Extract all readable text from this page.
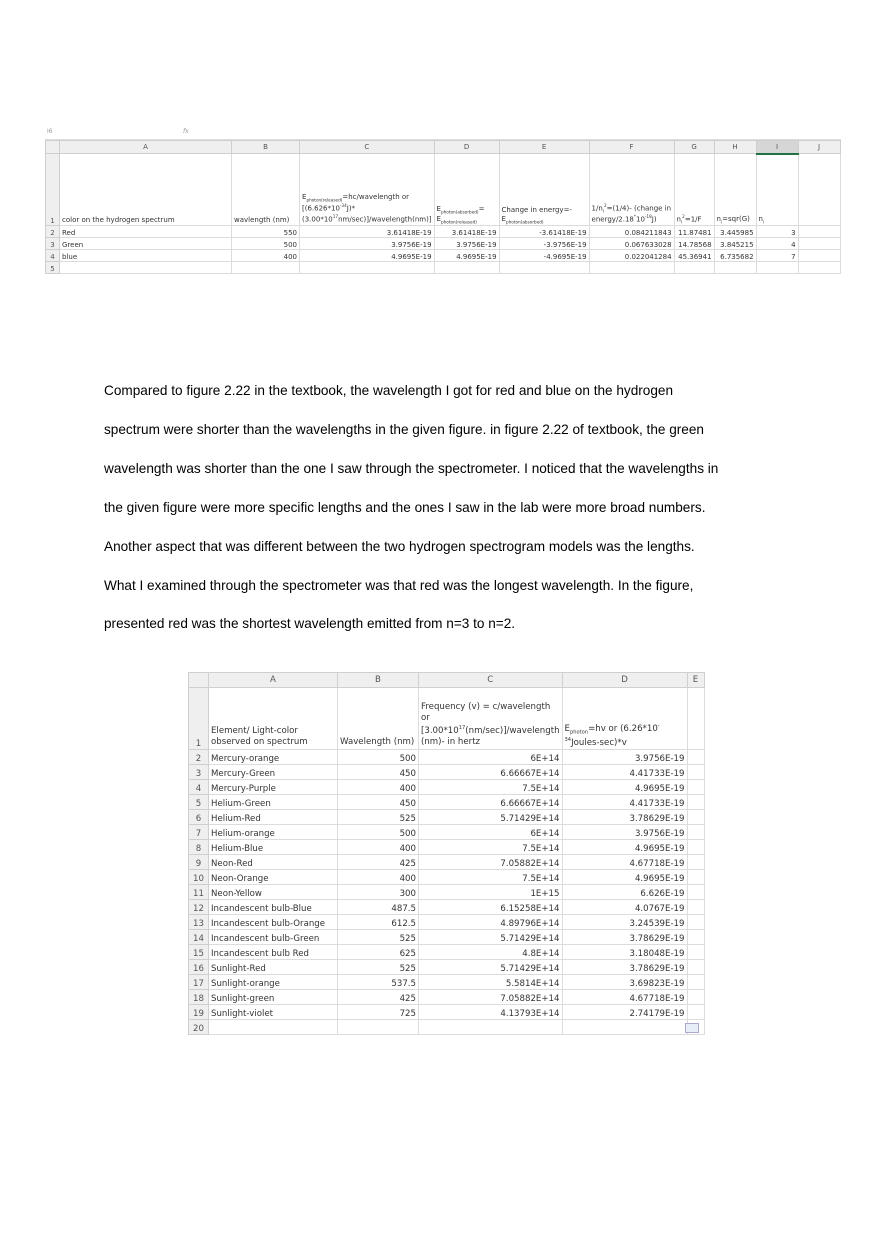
I6	fx
	A	B	C	D	E	F	G	H	I	J
1	color on the hydrogen spectrum	wavlength (nm)	$E_{photon(released)}=hc$/wavelength or $[(6.626*10^{-34}J)*(3.00*10^{17}nm/\sec)]/wavelength(nm)$]	$E_{photon(absorbed)}= E_{photon(released)}$	Change in $energy=-E_{photon(absorbed)}$	$1/n_i^2=(1/4)-$ (change in energy/$2.18^*10^{-18}J$)	$n_i^2=1/F$	$n_i=sqr(G)$	$n_i$	
2	Red	550	3.61418E-19	3.61418E-19	-3.61418E-19	0.084211843	11.87481	3.445985	3	
3	Green	500	3.9756E-19	3.9756E-19	-3.9756E-19	0.067633028	14.78568	3.845215	4	
4	blue	400	4.9695E-19	4.9695E-19	-4.9695E-19	0.022041284	45.36941	6.735682	7	
5										

Compared to figure 2.22 in the textbook, the wavelength I got for red and blue on the hydrogen

spectrum were shorter than the wavelengths in the given figure. in figure 2.22 of textbook, the green

wavelength was shorter than the one I saw through the spectrometer. I noticed that the wavelengths in

the given figure were more specific lengths and the ones I saw in the lab were more broad numbers.

Another aspect that was different between the two hydrogen spectrogram models was the lengths.

What I examined through the spectrometer was that red was the longest wavelength. In the figure,

presented red was the shortest wavelength emitted from n=3 to n=2.

	A	B	C	D	E
1	Element/ Light-color observed on spectrum	Wavelength (nm)	Frequency (v) = c/wavelength or $[3.00*10^{17}(nm/\sec)]$/wavelength (nm)- in hertz	$E_{photon}=hv$ or $(6.26*10^{-34}Joules-\sec)*v$	
2	Mercury-orange	500	6E+14	3.9756E-19	
3	Mercury-Green	450	6.66667E+14	4.41733E-19	
4	Mercury-Purple	400	7.5E+14	4.9695E-19	
5	Helium-Green	450	6.66667E+14	4.41733E-19	
6	Helium-Red	525	5.71429E+14	3.78629E-19	
7	Helium-orange	500	6E+14	3.9756E-19	
8	Helium-Blue	400	7.5E+14	4.9695E-19	
9	Neon-Red	425	7.05882E+14	4.67718E-19	
10	Neon-Orange	400	7.5E+14	4.9695E-19	
11	Neon-Yellow	300	1E+15	6.626E-19	
12	Incandescent bulb-Blue	487.5	6.15258E+14	4.0767E-19	
13	Incandescent bulb-Orange	612.5	4.89796E+14	3.24539E-19	
14	Incandescent bulb-Green	525	5.71429E+14	3.78629E-19	
15	Incandescent bulb Red	625	4.8E+14	3.18048E-19	
16	Sunlight-Red	525	5.71429E+14	3.78629E-19	
17	Sunlight-orange	537.5	5.5814E+14	3.69823E-19	
18	Sunlight-green	425	7.05882E+14	4.67718E-19	
19	Sunlight-violet	725	4.13793E+14	2.74179E-19	
20					
